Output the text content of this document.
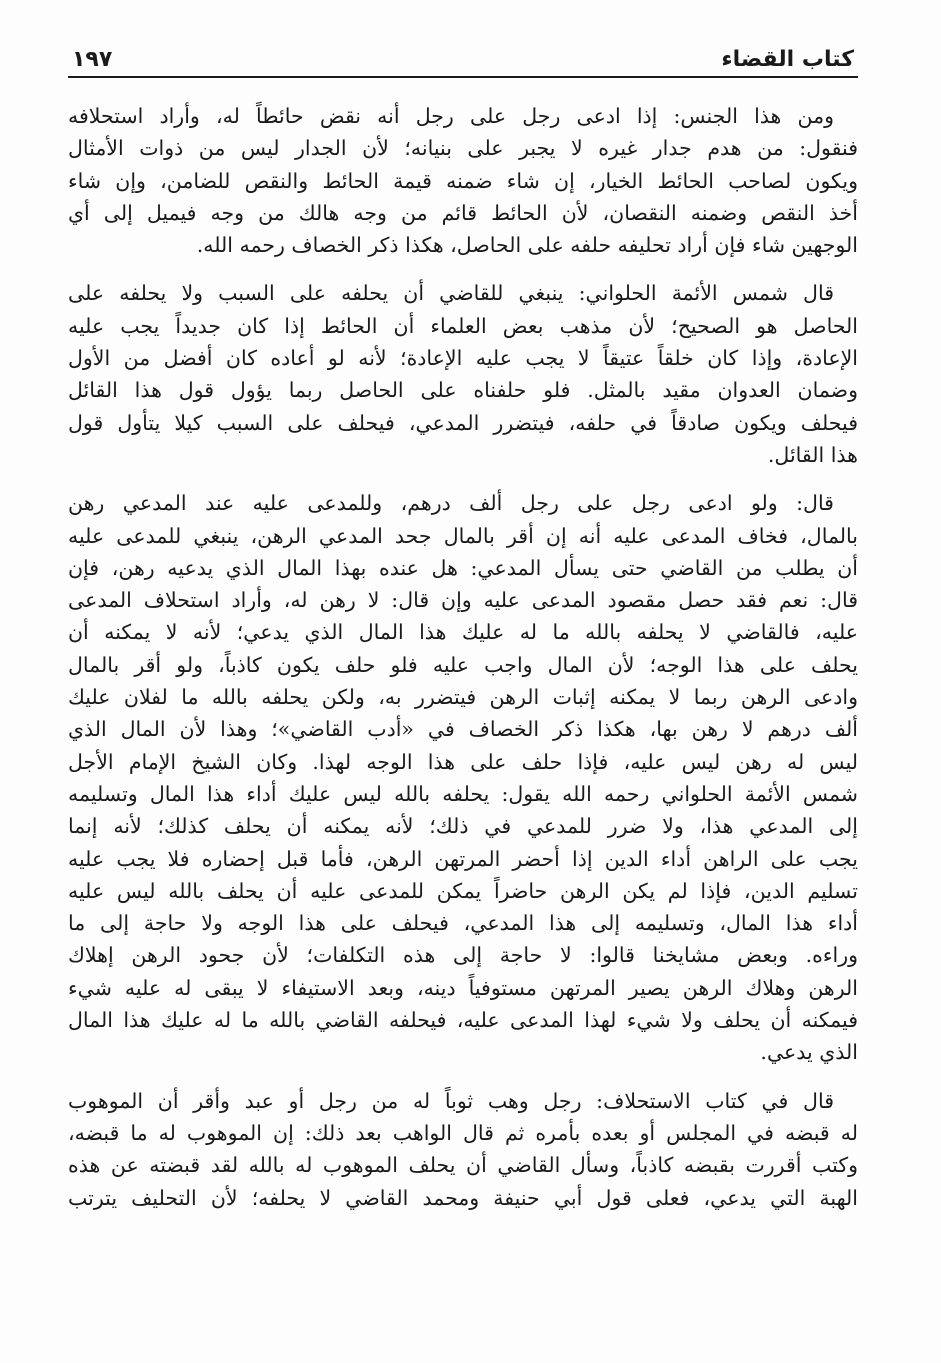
كتاب القضاء
١٩٧

ومن هذا الجنس: إذا ادعى رجل على رجل أنه نقض حائطاً له، وأراد استحلافه
فنقول: من هدم جدار غيره لا يجبر على بنيانه؛ لأن الجدار ليس من ذوات الأمثال
ويكون لصاحب الحائط الخيار، إن شاء ضمنه قيمة الحائط والنقص للضامن، وإن شاء
أخذ النقص وضمنه النقصان، لأن الحائط قائم من وجه هالك من وجه فيميل إلى أي
الوجهين شاء فإن أراد تحليفه حلفه على الحاصل، هكذا ذكر الخصاف رحمه الله.

قال شمس الأئمة الحلواني: ينبغي للقاضي أن يحلفه على السبب ولا يحلفه على
الحاصل هو الصحيح؛ لأن مذهب بعض العلماء أن الحائط إذا كان جديداً يجب عليه
الإعادة، وإذا كان خلقاً عتيقاً لا يجب عليه الإعادة؛ لأنه لو أعاده كان أفضل من الأول
وضمان العدوان مقيد بالمثل. فلو حلفناه على الحاصل ربما يؤول قول هذا القائل
فيحلف ويكون صادقاً في حلفه، فيتضرر المدعي، فيحلف على السبب كيلا يتأول قول
هذا القائل.

قال: ولو ادعى رجل على رجل ألف درهم، وللمدعى عليه عند المدعي رهن
بالمال، فخاف المدعى عليه أنه إن أقر بالمال جحد المدعي الرهن، ينبغي للمدعى عليه
أن يطلب من القاضي حتى يسأل المدعي: هل عنده بهذا المال الذي يدعيه رهن، فإن
قال: نعم فقد حصل مقصود المدعى عليه وإن قال: لا رهن له، وأراد استحلاف المدعى
عليه، فالقاضي لا يحلفه بالله ما له عليك هذا المال الذي يدعي؛ لأنه لا يمكنه أن
يحلف على هذا الوجه؛ لأن المال واجب عليه فلو حلف يكون كاذباً، ولو أقر بالمال
وادعى الرهن ربما لا يمكنه إثبات الرهن فيتضرر به، ولكن يحلفه بالله ما لفلان عليك
ألف درهم لا رهن بها، هكذا ذكر الخصاف في «أدب القاضي»؛ وهذا لأن المال الذي
ليس له رهن ليس عليه، فإذا حلف على هذا الوجه لهذا. وكان الشيخ الإمام الأجل
شمس الأئمة الحلواني رحمه الله يقول: يحلفه بالله ليس عليك أداء هذا المال وتسليمه
إلى المدعي هذا، ولا ضرر للمدعي في ذلك؛ لأنه يمكنه أن يحلف كذلك؛ لأنه إنما
يجب على الراهن أداء الدين إذا أحضر المرتهن الرهن، فأما قبل إحضاره فلا يجب عليه
تسليم الدين، فإذا لم يكن الرهن حاضراً يمكن للمدعى عليه أن يحلف بالله ليس عليه
أداء هذا المال، وتسليمه إلى هذا المدعي، فيحلف على هذا الوجه ولا حاجة إلى ما
وراءه. وبعض مشايخنا قالوا: لا حاجة إلى هذه التكلفات؛ لأن جحود الرهن إهلاك
الرهن وهلاك الرهن يصير المرتهن مستوفياً دينه، وبعد الاستيفاء لا يبقى له عليه شيء
فيمكنه أن يحلف ولا شيء لهذا المدعى عليه، فيحلفه القاضي بالله ما له عليك هذا المال
الذي يدعي.

قال في كتاب الاستحلاف: رجل وهب ثوباً له من رجل أو عبد وأقر أن الموهوب
له قبضه في المجلس أو بعده بأمره ثم قال الواهب بعد ذلك: إن الموهوب له ما قبضه،
وكتب أقررت بقبضه كاذباً، وسأل القاضي أن يحلف الموهوب له بالله لقد قبضته عن هذه
الهبة التي يدعي، فعلى قول أبي حنيفة ومحمد القاضي لا يحلفه؛ لأن التحليف يترتب
